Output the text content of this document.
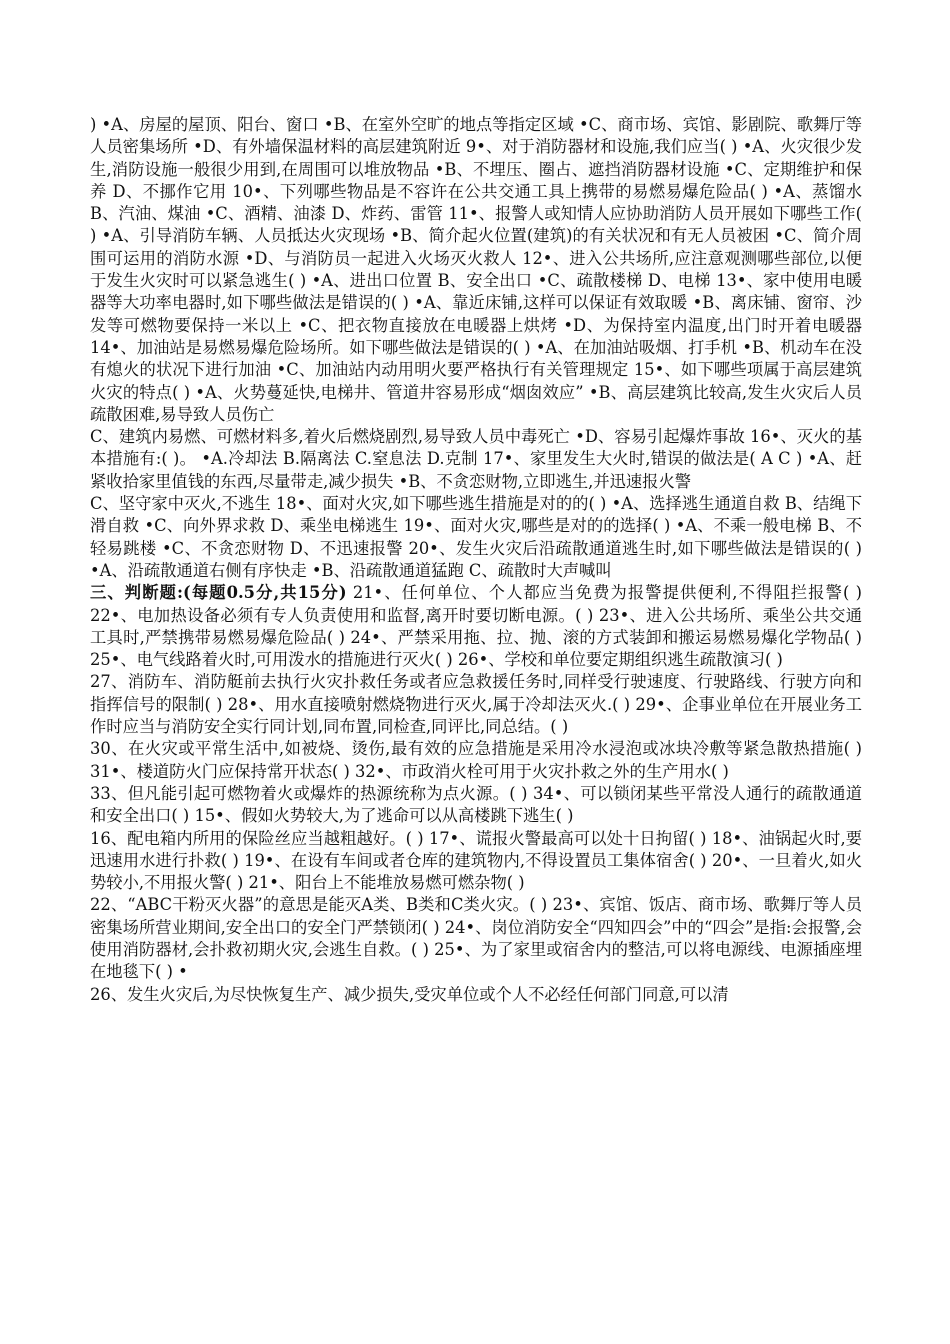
) •A、房屋的屋顶、阳台、窗口 •B、在室外空旷的地点等指定区域 •C、商市场、宾馆、影剧院、歌舞厅等人员密集场所 •D、有外墙保温材料的高层建筑附近 9•、对于消防器材和设施,我们应当( ) •A、火灾很少发生,消防设施一般很少用到,在周围可以堆放物品 •B、不埋压、圈占、遮挡消防器材设施 •C、定期维护和保养 D、不挪作它用 10•、下列哪些物品是不容许在公共交通工具上携带的易燃易爆危险品( ) •A、蒸馏水 B、汽油、煤油 •C、酒精、油漆 D、炸药、雷管 11•、报警人或知情人应协助消防人员开展如下哪些工作( ) •A、引导消防车辆、人员抵达火灾现场 •B、简介起火位置(建筑)的有关状况和有无人员被困 •C、简介周围可运用的消防水源 •D、与消防员一起进入火场灭火救人 12•、进入公共场所,应注意观测哪些部位,以便于发生火灾时可以紧急逃生( ) •A、进出口位置 B、安全出口 •C、疏散楼梯 D、电梯 13•、家中使用电暖器等大功率电器时,如下哪些做法是错误的( ) •A、靠近床铺,这样可以保证有效取暖 •B、离床铺、窗帘、沙发等可燃物要保持一米以上 •C、把衣物直接放在电暖器上烘烤 •D、为保持室内温度,出门时开着电暖器 14•、加油站是易燃易爆危险场所。如下哪些做法是错误的( ) •A、在加油站吸烟、打手机 •B、机动车在没有熄火的状况下进行加油 •C、加油站内动用明火要严格执行有关管理规定 15•、如下哪些项属于高层建筑火灾的特点( ) •A、火势蔓延快,电梯井、管道井容易形成“烟囱效应” •B、高层建筑比较高,发生火灾后人员疏散困难,易导致人员伤亡

C、建筑内易燃、可燃材料多,着火后燃烧剧烈,易导致人员中毒死亡 •D、容易引起爆炸事故 16•、灭火的基本措施有:( )。 •A.冷却法 B.隔离法 C.窒息法 D.克制 17•、家里发生大火时,错误的做法是( A C ) •A、赶紧收拾家里值钱的东西,尽量带走,减少损失 •B、不贪恋财物,立即逃生,并迅速报火警

C、坚守家中灭火,不逃生 18•、面对火灾,如下哪些逃生措施是对的的( ) •A、选择逃生通道自救 B、结绳下滑自救 •C、向外界求救 D、乘坐电梯逃生 19•、面对火灾,哪些是对的的选择( ) •A、不乘一般电梯 B、不轻易跳楼 •C、不贪恋财物 D、不迅速报警 20•、发生火灾后沿疏散通道逃生时,如下哪些做法是错误的( ) •A、沿疏散通道右侧有序快走 •B、沿疏散通道猛跑 C、疏散时大声喊叫

三、判断题:(每题0.5分,共15分) 21•、任何单位、个人都应当免费为报警提供便利,不得阻拦报警( ) 22•、电加热设备必须有专人负责使用和监督,离开时要切断电源。( ) 23•、进入公共场所、乘坐公共交通工具时,严禁携带易燃易爆危险品( ) 24•、严禁采用拖、拉、抛、滚的方式装卸和搬运易燃易爆化学物品( ) 25•、电气线路着火时,可用泼水的措施进行灭火( ) 26•、学校和单位要定期组织逃生疏散演习( )

27、消防车、消防艇前去执行火灾扑救任务或者应急救援任务时,同样受行驶速度、行驶路线、行驶方向和指挥信号的限制( ) 28•、用水直接喷射燃烧物进行灭火,属于冷却法灭火.( ) 29•、企事业单位在开展业务工作时应当与消防安全实行同计划,同布置,同检查,同评比,同总结。( )

30、在火灾或平常生活中,如被烧、烫伤,最有效的应急措施是采用冷水浸泡或冰块冷敷等紧急散热措施( ) 31•、楼道防火门应保持常开状态( ) 32•、市政消火栓可用于火灾扑救之外的生产用水( )

33、但凡能引起可燃物着火或爆炸的热源统称为点火源。( ) 34•、可以锁闭某些平常没人通行的疏散通道和安全出口( ) 15•、假如火势较大,为了逃命可以从高楼跳下逃生( )

16、配电箱内所用的保险丝应当越粗越好。( ) 17•、谎报火警最高可以处十日拘留( ) 18•、油锅起火时,要迅速用水进行扑救( ) 19•、在设有车间或者仓库的建筑物内,不得设置员工集体宿舍( ) 20•、一旦着火,如火势较小,不用报火警( ) 21•、阳台上不能堆放易燃可燃杂物( )

22、“ABC干粉灭火器”的意思是能灭A类、B类和C类火灾。( ) 23•、宾馆、饭店、商市场、歌舞厅等人员密集场所营业期间,安全出口的安全门严禁锁闭( ) 24•、岗位消防安全“四知四会”中的“四会”是指:会报警,会使用消防器材,会扑救初期火灾,会逃生自救。( ) 25•、为了家里或宿舍内的整洁,可以将电源线、电源插座埋在地毯下( ) •

26、发生火灾后,为尽快恢复生产、减少损失,受灾单位或个人不必经任何部门同意,可以清
